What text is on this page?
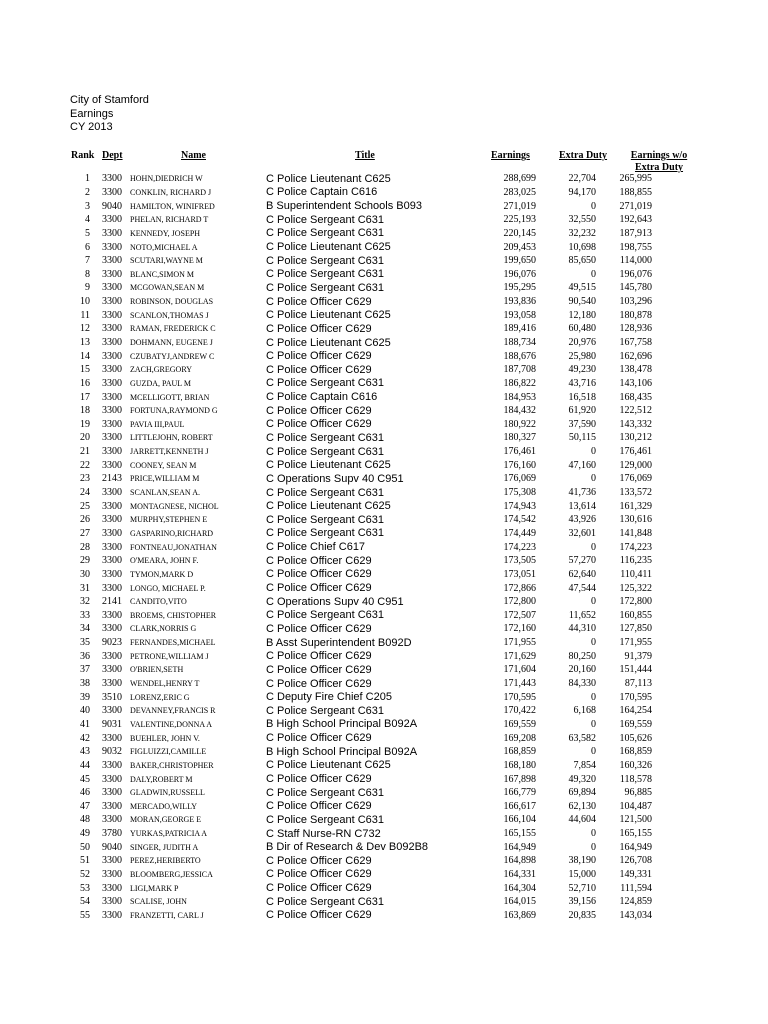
City of Stamford
Earnings
CY 2013
Rank Dept	Name	Title	Earnings	Extra Duty	Earnings w/o
Extra Duty
1	3300	HOHN,DIEDRICH W	C Police Lieutenant C625	288,699	22,704	265,995
2	3300	CONKLIN, RICHARD J	C Police Captain C616	283,025	94,170	188,855
3	9040	HAMILTON, WINIFRED	B Superintendent Schools B093	271,019	0	271,019
4	3300	PHELAN, RICHARD T	C Police Sergeant C631	225,193	32,550	192,643
5	3300	KENNEDY, JOSEPH	C Police Sergeant C631	220,145	32,232	187,913
6	3300	NOTO,MICHAEL A	C Police Lieutenant C625	209,453	10,698	198,755
7	3300	SCUTARI,WAYNE M	C Police Sergeant C631	199,650	85,650	114,000
8	3300	BLANC,SIMON M	C Police Sergeant C631	196,076	0	196,076
9	3300	MCGOWAN,SEAN M	C Police Sergeant C631	195,295	49,515	145,780
10	3300	ROBINSON, DOUGLAS	C Police Officer C629	193,836	90,540	103,296
11	3300	SCANLON,THOMAS J	C Police Lieutenant C625	193,058	12,180	180,878
12	3300	RAMAN, FREDERICK C	C Police Officer C629	189,416	60,480	128,936
13	3300	DOHMANN, EUGENE J	C Police Lieutenant C625	188,734	20,976	167,758
14	3300	CZUBATYJ,ANDREW C	C Police Officer C629	188,676	25,980	162,696
15	3300	ZACH,GREGORY	C Police Officer C629	187,708	49,230	138,478
16	3300	GUZDA, PAUL M	C Police Sergeant C631	186,822	43,716	143,106
17	3300	MCELLIGOTT, BRIAN	C Police Captain C616	184,953	16,518	168,435
18	3300	FORTUNA,RAYMOND G	C Police Officer C629	184,432	61,920	122,512
19	3300	PAVIA III,PAUL	C Police Officer C629	180,922	37,590	143,332
20	3300	LITTLEJOHN, ROBERT	C Police Sergeant C631	180,327	50,115	130,212
21	3300	JARRETT,KENNETH J	C Police Sergeant C631	176,461	0	176,461
22	3300	COONEY, SEAN M	C Police Lieutenant C625	176,160	47,160	129,000
23	2143	PRICE,WILLIAM M	C Operations Supv 40 C951	176,069	0	176,069
24	3300	SCANLAN,SEAN A.	C Police Sergeant C631	175,308	41,736	133,572
25	3300	MONTAGNESE, NICHOL	C Police Lieutenant C625	174,943	13,614	161,329
26	3300	MURPHY,STEPHEN E	C Police Sergeant C631	174,542	43,926	130,616
27	3300	GASPARINO,RICHARD	C Police Sergeant C631	174,449	32,601	141,848
28	3300	FONTNEAU,JONATHAN	C Police Chief C617	174,223	0	174,223
29	3300	O'MEARA, JOHN F.	C Police Officer C629	173,505	57,270	116,235
30	3300	TYMON,MARK D	C Police Officer C629	173,051	62,640	110,411
31	3300	LONGO, MICHAEL P.	C Police Officer C629	172,866	47,544	125,322
32	2141	CANDITO,VITO	C Operations Supv 40 C951	172,800	0	172,800
33	3300	BROEMS, CHISTOPHER	C Police Sergeant C631	172,507	11,652	160,855
34	3300	CLARK,NORRIS G	C Police Officer C629	172,160	44,310	127,850
35	9023	FERNANDES,MICHAEL	B Asst Superintendent B092D	171,955	0	171,955
36	3300	PETRONE,WILLIAM J	C Police Officer C629	171,629	80,250	91,379
37	3300	O'BRIEN,SETH	C Police Officer C629	171,604	20,160	151,444
38	3300	WENDEL,HENRY T	C Police Officer C629	171,443	84,330	87,113
39	3510	LORENZ,ERIC G	C Deputy Fire Chief C205	170,595	0	170,595
40	3300	DEVANNEY,FRANCIS R	C Police Sergeant C631	170,422	6,168	164,254
41	9031	VALENTINE,DONNA A	B High School Principal B092A	169,559	0	169,559
42	3300	BUEHLER, JOHN V.	C Police Officer C629	169,208	63,582	105,626
43	9032	FIGLUIZZI,CAMILLE	B High School Principal B092A	168,859	0	168,859
44	3300	BAKER,CHRISTOPHER	C Police Lieutenant C625	168,180	7,854	160,326
45	3300	DALY,ROBERT M	C Police Officer C629	167,898	49,320	118,578
46	3300	GLADWIN,RUSSELL	C Police Sergeant C631	166,779	69,894	96,885
47	3300	MERCADO,WILLY	C Police Officer C629	166,617	62,130	104,487
48	3300	MORAN,GEORGE E	C Police Sergeant C631	166,104	44,604	121,500
49	3780	YURKAS,PATRICIA A	C Staff Nurse-RN C732	165,155	0	165,155
50	9040	SINGER, JUDITH A	B Dir of Research & Dev B092B8	164,949	0	164,949
51	3300	PEREZ,HERIBERTO	C Police Officer C629	164,898	38,190	126,708
52	3300	BLOOMBERG,JESSICA	C Police Officer C629	164,331	15,000	149,331
53	3300	LIGI,MARK P	C Police Officer C629	164,304	52,710	111,594
54	3300	SCALISE, JOHN	C Police Sergeant C631	164,015	39,156	124,859
55	3300	FRANZETTI, CARL J	C Police Officer C629	163,869	20,835	143,034
